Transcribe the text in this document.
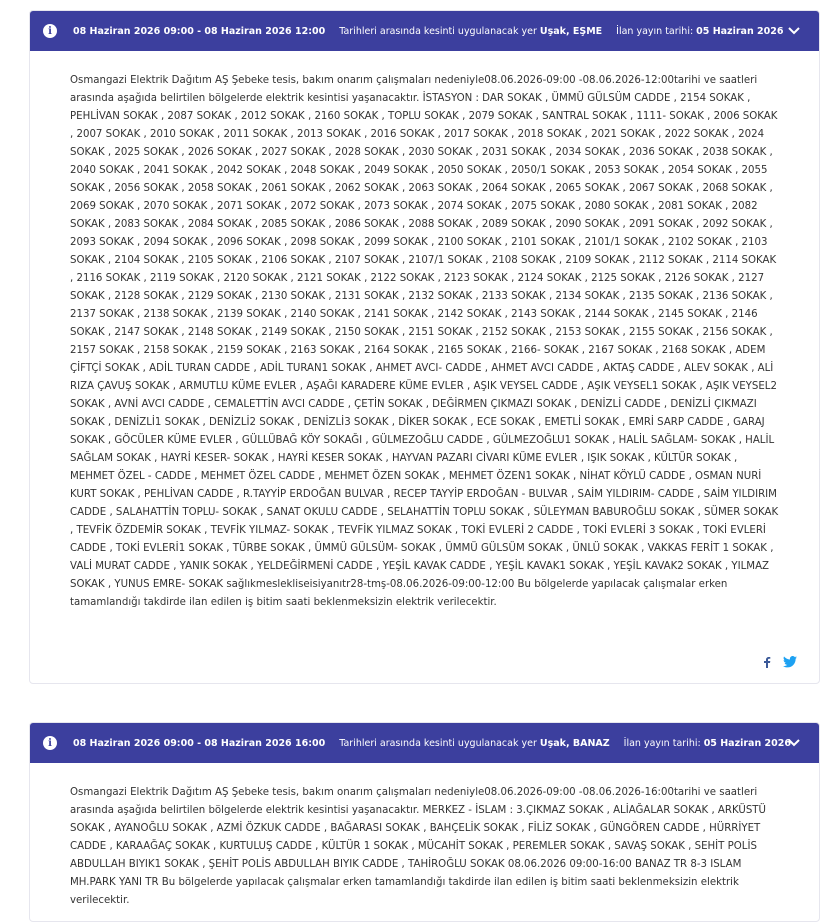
i	08 Haziran 2026 09:00 - 08 Haziran 2026 12:00 Tarihleri arasında kesinti uygulanacak yer Uşak, EŞME İlan yayın tarihi: 05 Haziran 2026
Osmangazi Elektrik Dağıtım AŞ Şebeke tesis, bakım onarım çalışmaları nedeniyle08.06.2026-09:00 -08.06.2026-12:00tarihi ve saatleri arasında aşağıda belirtilen bölgelerde elektrik kesintisi yaşanacaktır. İSTASYON : DAR SOKAK , ÜMMÜ GÜLSÜM CADDE , 2154 SOKAK , PEHLİVAN SOKAK , 2087 SOKAK , 2012 SOKAK , 2160 SOKAK , TOPLU SOKAK , 2079 SOKAK , SANTRAL SOKAK , 1111- SOKAK , 2006 SOKAK , 2007 SOKAK , 2010 SOKAK , 2011 SOKAK , 2013 SOKAK , 2016 SOKAK , 2017 SOKAK , 2018 SOKAK , 2021 SOKAK , 2022 SOKAK , 2024 SOKAK , 2025 SOKAK , 2026 SOKAK , 2027 SOKAK , 2028 SOKAK , 2030 SOKAK , 2031 SOKAK , 2034 SOKAK , 2036 SOKAK , 2038 SOKAK , 2040 SOKAK , 2041 SOKAK , 2042 SOKAK , 2048 SOKAK , 2049 SOKAK , 2050 SOKAK , 2050/1 SOKAK , 2053 SOKAK , 2054 SOKAK , 2055 SOKAK , 2056 SOKAK , 2058 SOKAK , 2061 SOKAK , 2062 SOKAK , 2063 SOKAK , 2064 SOKAK , 2065 SOKAK , 2067 SOKAK , 2068 SOKAK , 2069 SOKAK , 2070 SOKAK , 2071 SOKAK , 2072 SOKAK , 2073 SOKAK , 2074 SOKAK , 2075 SOKAK , 2080 SOKAK , 2081 SOKAK , 2082 SOKAK , 2083 SOKAK , 2084 SOKAK , 2085 SOKAK , 2086 SOKAK , 2088 SOKAK , 2089 SOKAK , 2090 SOKAK , 2091 SOKAK , 2092 SOKAK , 2093 SOKAK , 2094 SOKAK , 2096 SOKAK , 2098 SOKAK , 2099 SOKAK , 2100 SOKAK , 2101 SOKAK , 2101/1 SOKAK , 2102 SOKAK , 2103 SOKAK , 2104 SOKAK , 2105 SOKAK , 2106 SOKAK , 2107 SOKAK , 2107/1 SOKAK , 2108 SOKAK , 2109 SOKAK , 2112 SOKAK , 2114 SOKAK , 2116 SOKAK , 2119 SOKAK , 2120 SOKAK , 2121 SOKAK , 2122 SOKAK , 2123 SOKAK , 2124 SOKAK , 2125 SOKAK , 2126 SOKAK , 2127 SOKAK , 2128 SOKAK , 2129 SOKAK , 2130 SOKAK , 2131 SOKAK , 2132 SOKAK , 2133 SOKAK , 2134 SOKAK , 2135 SOKAK , 2136 SOKAK , 2137 SOKAK , 2138 SOKAK , 2139 SOKAK , 2140 SOKAK , 2141 SOKAK , 2142 SOKAK , 2143 SOKAK , 2144 SOKAK , 2145 SOKAK , 2146 SOKAK , 2147 SOKAK , 2148 SOKAK , 2149 SOKAK , 2150 SOKAK , 2151 SOKAK , 2152 SOKAK , 2153 SOKAK , 2155 SOKAK , 2156 SOKAK , 2157 SOKAK , 2158 SOKAK , 2159 SOKAK , 2163 SOKAK , 2164 SOKAK , 2165 SOKAK , 2166- SOKAK , 2167 SOKAK , 2168 SOKAK , ADEM ÇİFTÇİ SOKAK , ADİL TURAN CADDE , ADİL TURAN1 SOKAK , AHMET AVCI- CADDE , AHMET AVCI CADDE , AKTAŞ CADDE , ALEV SOKAK , ALİ RIZA ÇAVUŞ SOKAK , ARMUTLU KÜME EVLER , AŞAĞI KARADERE KÜME EVLER , AŞIK VEYSEL CADDE , AŞIK VEYSEL1 SOKAK , AŞIK VEYSEL2 SOKAK , AVNİ AVCI CADDE , CEMALETTİN AVCI CADDE , ÇETİN SOKAK , DEĞİRMEN ÇIKMAZI SOKAK , DENİZLİ CADDE , DENİZLİ ÇIKMAZI SOKAK , DENİZLİ1 SOKAK , DENİZLİ2 SOKAK , DENİZLİ3 SOKAK , DİKER SOKAK , ECE SOKAK , EMETLİ SOKAK , EMRİ SARP CADDE , GARAJ SOKAK , GÖCÜLER KÜME EVLER , GÜLLÜBAĞ KÖY SOKAĞI , GÜLMEZOĞLU CADDE , GÜLMEZOĞLU1 SOKAK , HALİL SAĞLAM- SOKAK , HALİL SAĞLAM SOKAK , HAYRİ KESER- SOKAK , HAYRİ KESER SOKAK , HAYVAN PAZARI CİVARI KÜME EVLER , IŞIK SOKAK , KÜLTÜR SOKAK , MEHMET ÖZEL - CADDE , MEHMET ÖZEL CADDE , MEHMET ÖZEN SOKAK , MEHMET ÖZEN1 SOKAK , NİHAT KÖYLÜ CADDE , OSMAN NURİ KURT SOKAK , PEHLİVAN CADDE , R.TAYYİP ERDOĞAN BULVAR , RECEP TAYYİP ERDOĞAN - BULVAR , SAİM YILDIRIM- CADDE , SAİM YILDIRIM CADDE , SALAHATTİN TOPLU- SOKAK , SANAT OKULU CADDE , SELAHATTİN TOPLU SOKAK , SÜLEYMAN BABUROĞLU SOKAK , SÜMER SOKAK , TEVFİK ÖZDEMİR SOKAK , TEVFİK YILMAZ- SOKAK , TEVFİK YILMAZ SOKAK , TOKİ EVLERİ 2 CADDE , TOKİ EVLERİ 3 SOKAK , TOKİ EVLERİ CADDE , TOKİ EVLERİ1 SOKAK , TÜRBE SOKAK , ÜMMÜ GÜLSÜM- SOKAK , ÜMMÜ GÜLSÜM SOKAK , ÜNLÜ SOKAK , VAKKAS FERİT 1 SOKAK , VALİ MURAT CADDE , YANIK SOKAK , YELDEĞİRMENİ CADDE , YEŞİL KAVAK CADDE , YEŞİL KAVAK1 SOKAK , YEŞİL KAVAK2 SOKAK , YILMAZ SOKAK , YUNUS EMRE- SOKAK sağlıkmeslekliseisiyanıtr28-tmş-08.06.2026-09:00-12:00 Bu bölgelerde yapılacak çalışmalar erken tamamlandığı takdirde ilan edilen iş bitim saati beklenmeksizin elektrik verilecektir.
i	08 Haziran 2026 09:00 - 08 Haziran 2026 16:00 Tarihleri arasında kesinti uygulanacak yer Uşak, BANAZ İlan yayın tarihi: 05 Haziran 2026
Osmangazi Elektrik Dağıtım AŞ Şebeke tesis, bakım onarım çalışmaları nedeniyle08.06.2026-09:00 -08.06.2026-16:00tarihi ve saatleri arasında aşağıda belirtilen bölgelerde elektrik kesintisi yaşanacaktır. MERKEZ - İSLAM : 3.ÇIKMAZ SOKAK , ALİAĞALAR SOKAK , ARKÜSTÜ SOKAK , AYANOĞLU SOKAK , AZMİ ÖZKUK CADDE , BAĞARASI SOKAK , BAHÇELİK SOKAK , FİLİZ SOKAK , GÜNGÖREN CADDE , HÜRRİYET CADDE , KARAAĞAÇ SOKAK , KURTULUŞ CADDE , KÜLTÜR 1 SOKAK , MÜCAHİT SOKAK , PEREMLER SOKAK , SAVAŞ SOKAK , SEHİT POLİS ABDULLAH BIYIK1 SOKAK , ŞEHİT POLİS ABDULLAH BIYIK CADDE , TAHİROĞLU SOKAK 08.06.2026 09:00-16:00 BANAZ TR 8-3 ISLAM MH.PARK YANI TR Bu bölgelerde yapılacak çalışmalar erken tamamlandığı takdirde ilan edilen iş bitim saati beklenmeksizin elektrik verilecektir.
